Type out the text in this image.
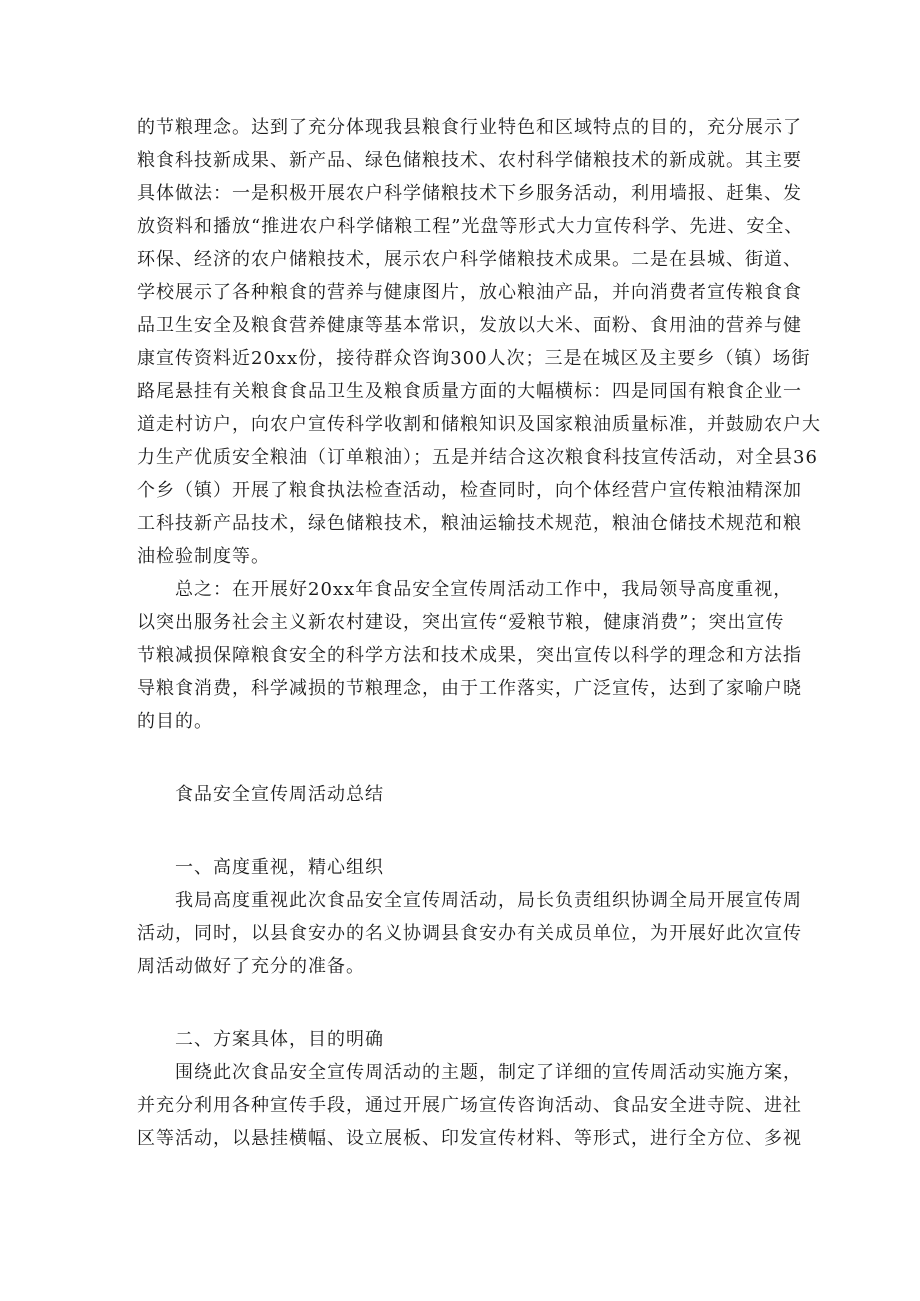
的节粮理念。达到了充分体现我县粮食行业特色和区域特点的目的，充分展示了
粮食科技新成果、新产品、绿色储粮技术、农村科学储粮技术的新成就。其主要
具体做法：一是积极开展农户科学储粮技术下乡服务活动，利用墙报、赶集、发
放资料和播放“推进农户科学储粮工程”光盘等形式大力宣传科学、先进、安全、
环保、经济的农户储粮技术，展示农户科学储粮技术成果。二是在县城、街道、
学校展示了各种粮食的营养与健康图片，放心粮油产品，并向消费者宣传粮食食
品卫生安全及粮食营养健康等基本常识，发放以大米、面粉、食用油的营养与健
康宣传资料近20xx份，接待群众咨询300人次；三是在城区及主要乡（镇）场街
路尾悬挂有关粮食食品卫生及粮食质量方面的大幅横标：四是同国有粮食企业一
道走村访户，向农户宣传科学收割和储粮知识及国家粮油质量标准，并鼓励农户大
力生产优质安全粮油（订单粮油）；五是并结合这次粮食科技宣传活动，对全县36
个乡（镇）开展了粮食执法检查活动，检查同时，向个体经营户宣传粮油精深加
工科技新产品技术，绿色储粮技术，粮油运输技术规范，粮油仓储技术规范和粮
油检验制度等。
总之：在开展好20xx年食品安全宣传周活动工作中，我局领导高度重视，
以突出服务社会主义新农村建设，突出宣传“爱粮节粮，健康消费”；突出宣传
节粮减损保障粮食安全的科学方法和技术成果，突出宣传以科学的理念和方法指
导粮食消费，科学减损的节粮理念，由于工作落实，广泛宣传，达到了家喻户晓
的目的。
食品安全宣传周活动总结
一、高度重视，精心组织
我局高度重视此次食品安全宣传周活动，局长负责组织协调全局开展宣传周
活动，同时，以县食安办的名义协调县食安办有关成员单位，为开展好此次宣传
周活动做好了充分的准备。
二、方案具体，目的明确
围绕此次食品安全宣传周活动的主题，制定了详细的宣传周活动实施方案，
并充分利用各种宣传手段，通过开展广场宣传咨询活动、食品安全进寺院、进社
区等活动，以悬挂横幅、设立展板、印发宣传材料、等形式，进行全方位、多视
